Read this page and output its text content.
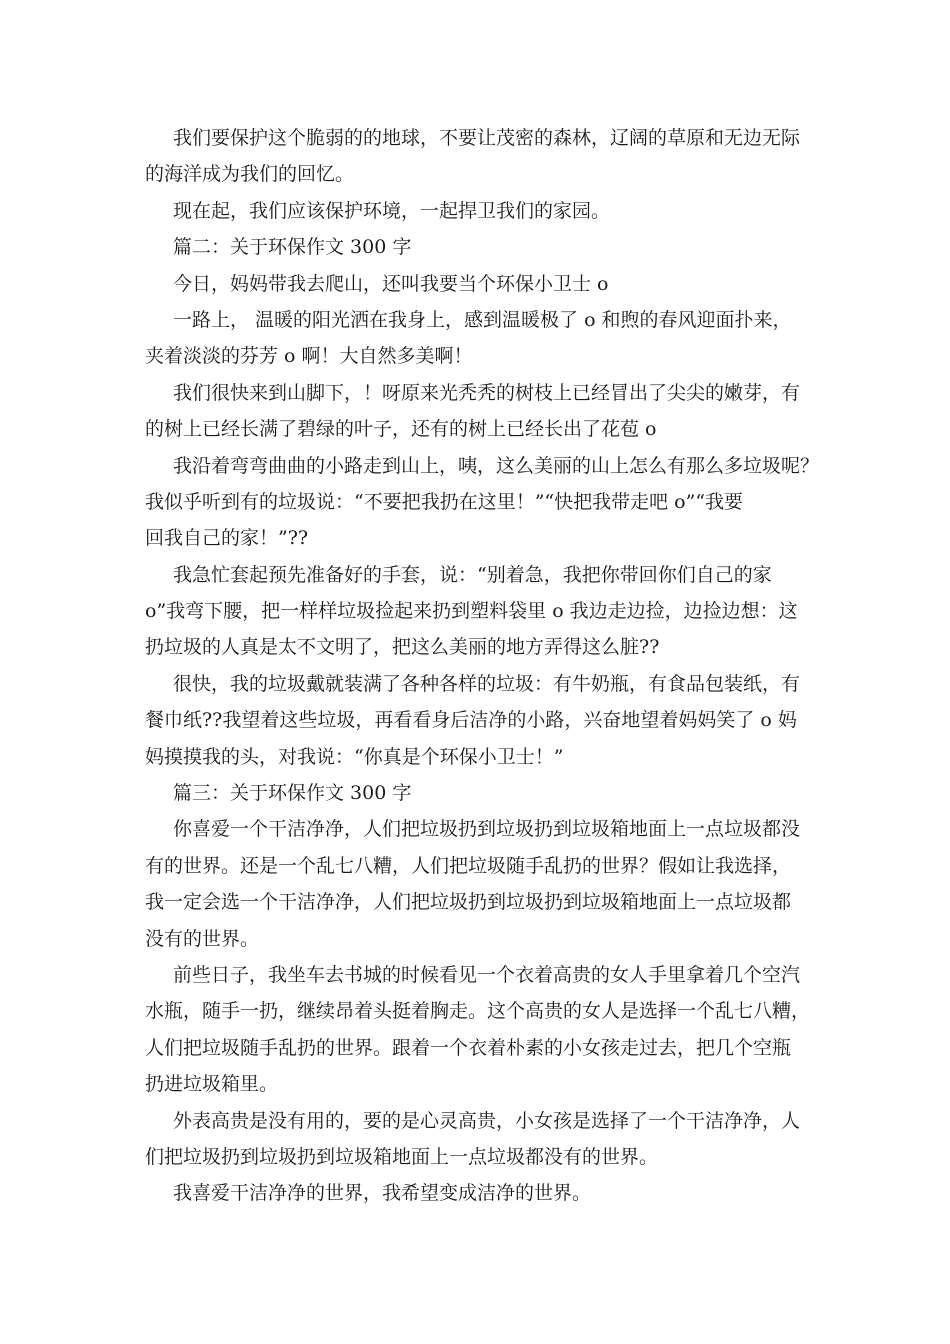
我们要保护这个脆弱的的地球，不要让茂密的森林，辽阔的草原和无边无际
的海洋成为我们的回忆。
现在起，我们应该保护环境，一起捍卫我们的家园。
篇二：关于环保作文 300 字
今日，妈妈带我去爬山，还叫我要当个环保小卫士 o
一路上， 温暖的阳光洒在我身上，感到温暖极了 o 和煦的春风迎面扑来，
夹着淡淡的芬芳 o 啊！大自然多美啊！
我们很快来到山脚下，！呀原来光秃秃的树枝上已经冒出了尖尖的嫩芽，有
的树上已经长满了碧绿的叶子，还有的树上已经长出了花苞 o
我沿着弯弯曲曲的小路走到山上，咦，这么美丽的山上怎么有那么多垃圾呢？
我似乎听到有的垃圾说：“不要把我扔在这里！”“快把我带走吧 o”“我要
回我自己的家！”??
我急忙套起预先准备好的手套，说：“别着急，我把你带回你们自己的家
o”我弯下腰，把一样样垃圾捡起来扔到塑料袋里 o 我边走边捡，边捡边想：这
扔垃圾的人真是太不文明了，把这么美丽的地方弄得这么脏??
很快，我的垃圾戴就装满了各种各样的垃圾：有牛奶瓶，有食品包装纸，有
餐巾纸??我望着这些垃圾，再看看身后洁净的小路，兴奋地望着妈妈笑了 o 妈
妈摸摸我的头，对我说：“你真是个环保小卫士！”
篇三：关于环保作文 300 字
你喜爱一个干洁净净，人们把垃圾扔到垃圾扔到垃圾箱地面上一点垃圾都没
有的世界。还是一个乱七八糟，人们把垃圾随手乱扔的世界？假如让我选择，
我一定会选一个干洁净净，人们把垃圾扔到垃圾扔到垃圾箱地面上一点垃圾都
没有的世界。
前些日子，我坐车去书城的时候看见一个衣着高贵的女人手里拿着几个空汽
水瓶，随手一扔，继续昂着头挺着胸走。这个高贵的女人是选择一个乱七八糟，
人们把垃圾随手乱扔的世界。跟着一个衣着朴素的小女孩走过去，把几个空瓶
扔进垃圾箱里。
外表高贵是没有用的，要的是心灵高贵，小女孩是选择了一个干洁净净，人
们把垃圾扔到垃圾扔到垃圾箱地面上一点垃圾都没有的世界。
我喜爱干洁净净的世界，我希望变成洁净的世界。
